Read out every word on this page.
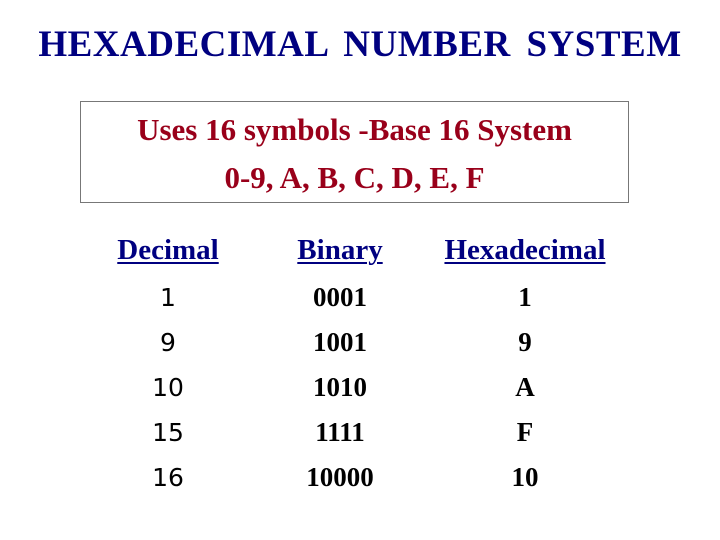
HEXADECIMAL NUMBER SYSTEM
Uses 16 symbols -Base 16 System
0-9, A, B, C, D, E, F
Decimal
1
9
10
15
16
Binary
0001
1001
1010
1111
10000
Hexadecimal
1
9
A
F
10
